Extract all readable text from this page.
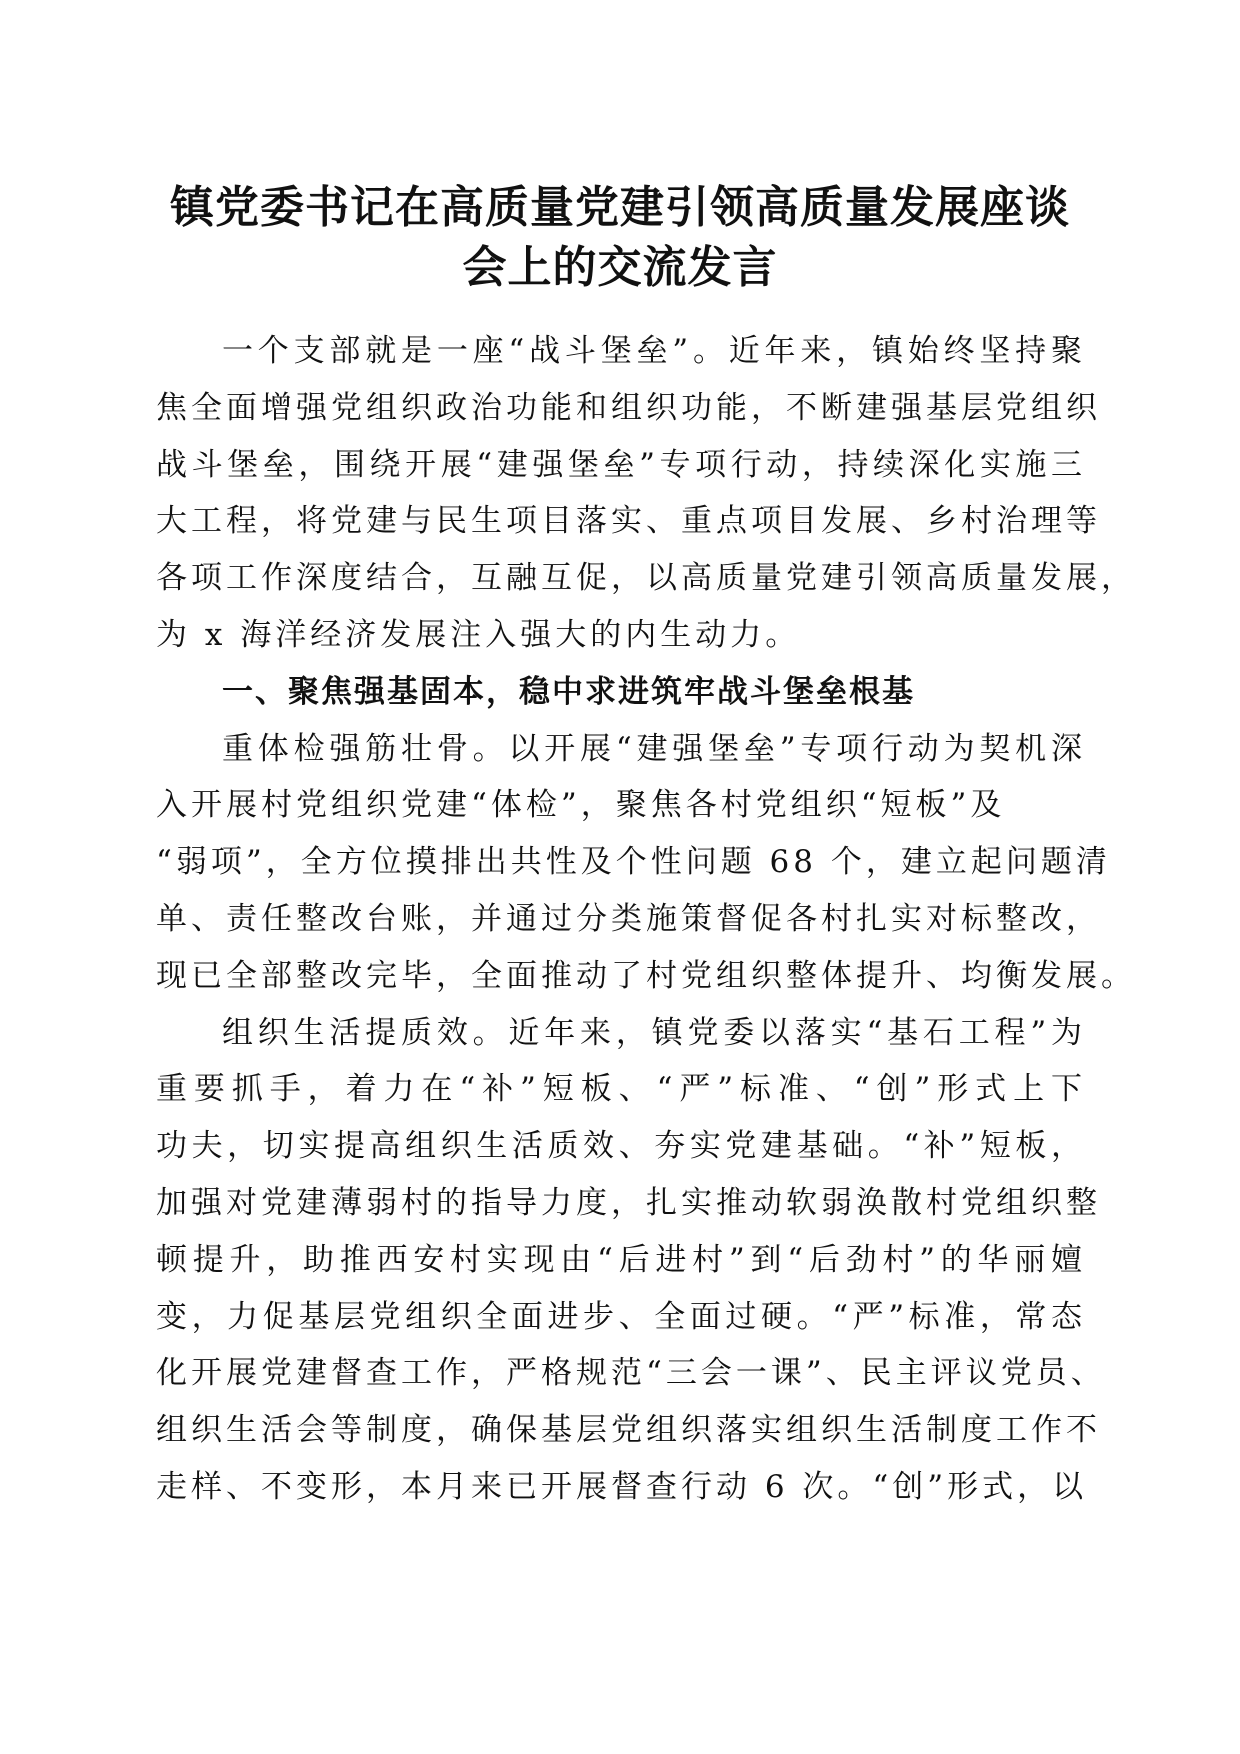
镇党委书记在高质量党建引领高质量发展座谈
会上的交流发言
一个支部就是一座“战斗堡垒”。近年来，镇始终坚持聚
焦全面增强党组织政治功能和组织功能，不断建强基层党组织
战斗堡垒，围绕开展“建强堡垒”专项行动，持续深化实施三
大工程，将党建与民生项目落实、重点项目发展、乡村治理等
各项工作深度结合，互融互促，以高质量党建引领高质量发展，
为 x 海洋经济发展注入强大的内生动力。
一、聚焦强基固本，稳中求进筑牢战斗堡垒根基
重体检强筋壮骨。以开展“建强堡垒”专项行动为契机深
入开展村党组织党建“体检”，聚焦各村党组织“短板”及
“弱项”，全方位摸排出共性及个性问题 68 个，建立起问题清
单、责任整改台账，并通过分类施策督促各村扎实对标整改，
现已全部整改完毕，全面推动了村党组织整体提升、均衡发展。
组织生活提质效。近年来，镇党委以落实“基石工程”为
重要抓手，着力在“补”短板、“严”标准、“创”形式上下
功夫，切实提高组织生活质效、夯实党建基础。“补”短板，
加强对党建薄弱村的指导力度，扎实推动软弱涣散村党组织整
顿提升，助推西安村实现由“后进村”到“后劲村”的华丽嬗
变，力促基层党组织全面进步、全面过硬。“严”标准，常态
化开展党建督查工作，严格规范“三会一课”、民主评议党员、
组织生活会等制度，确保基层党组织落实组织生活制度工作不
走样、不变形，本月来已开展督查行动 6 次。“创”形式，以
